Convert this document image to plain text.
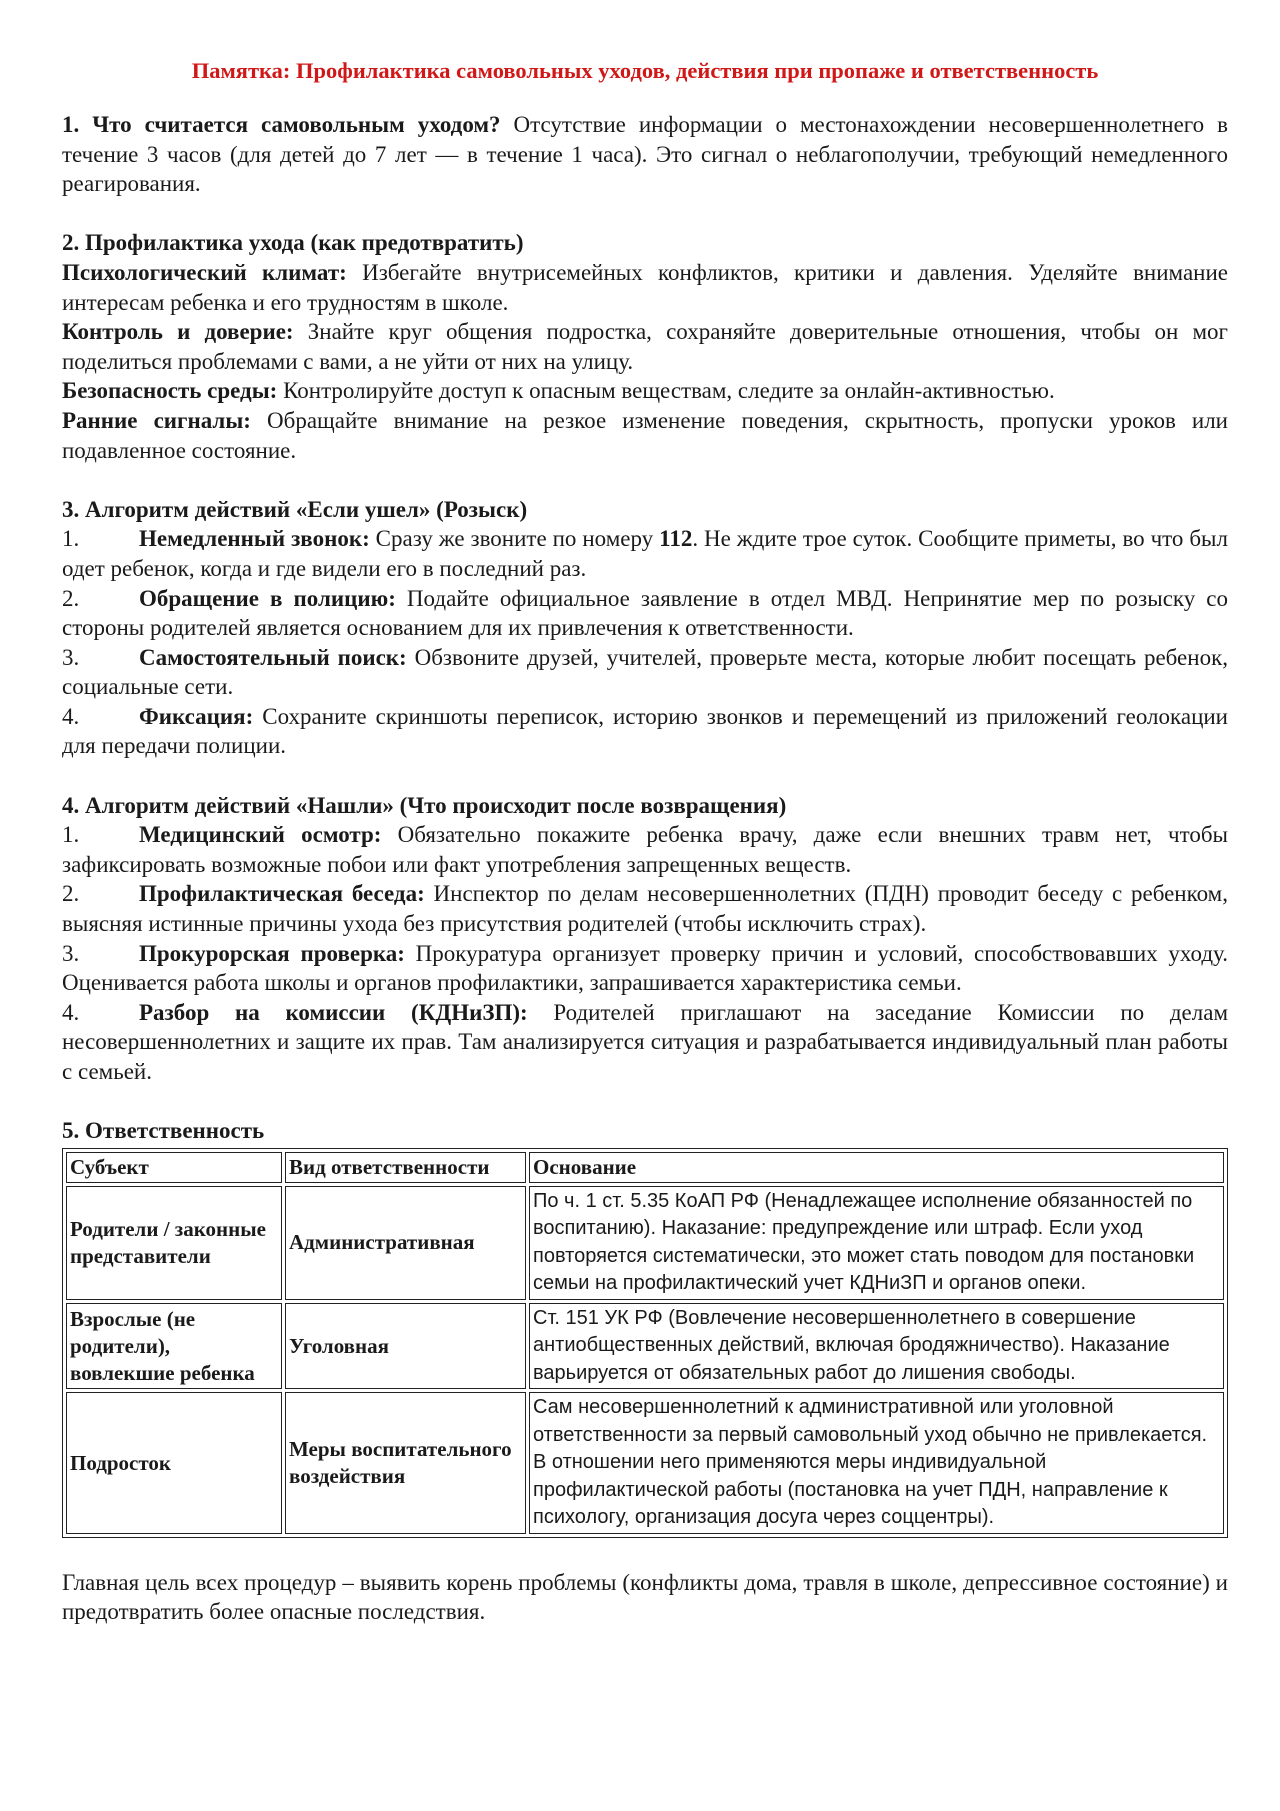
Памятка: Профилактика самовольных уходов, действия при пропаже и ответственность

1. Что считается самовольным уходом? Отсутствие информации о местонахождении несовершеннолетнего в течение 3 часов (для детей до 7 лет — в течение 1 часа). Это сигнал о неблагополучии, требующий немедленного реагирования.

2. Профилактика ухода (как предотвратить)

Психологический климат: Избегайте внутрисемейных конфликтов, критики и давления. Уделяйте внимание интересам ребенка и его трудностям в школе.

Контроль и доверие: Знайте круг общения подростка, сохраняйте доверительные отношения, чтобы он мог поделиться проблемами с вами, а не уйти от них на улицу.

Безопасность среды: Контролируйте доступ к опасным веществам, следите за онлайн-активностью.

Ранние сигналы: Обращайте внимание на резкое изменение поведения, скрытность, пропуски уроков или подавленное состояние.

3. Алгоритм действий «Если ушел» (Розыск)

1.	Немедленный звонок: Сразу же звоните по номеру 112. Не ждите трое суток. Сообщите приметы, во что был одет ребенок, когда и где видели его в последний раз.

2.	Обращение в полицию: Подайте официальное заявление в отдел МВД. Непринятие мер по розыску со стороны родителей является основанием для их привлечения к ответственности.

3.	Самостоятельный поиск: Обзвоните друзей, учителей, проверьте места, которые любит посещать ребенок, социальные сети.

4.	Фиксация: Сохраните скриншоты переписок, историю звонков и перемещений из приложений геолокации для передачи полиции.

4. Алгоритм действий «Нашли» (Что происходит после возвращения)

1.	Медицинский осмотр: Обязательно покажите ребенка врачу, даже если внешних травм нет, чтобы зафиксировать возможные побои или факт употребления запрещенных веществ.

2.	Профилактическая беседа: Инспектор по делам несовершеннолетних (ПДН) проводит беседу с ребенком, выясняя истинные причины ухода без присутствия родителей (чтобы исключить страх).

3.	Прокурорская проверка: Прокуратура организует проверку причин и условий, способствовавших уходу. Оценивается работа школы и органов профилактики, запрашивается характеристика семьи.

4.	Разбор на комиссии (КДНиЗП): Родителей приглашают на заседание Комиссии по делам несовершеннолетних и защите их прав. Там анализируется ситуация и разрабатывается индивидуальный план работы с семьей.

5. Ответственность

Субъект	Вид ответственности	Основание
Родители / законные представители	Административная	По ч. 1 ст. 5.35 КоАП РФ (Ненадлежащее исполнение обязанностей по воспитанию). Наказание: предупреждение или штраф. Если уход повторяется систематически, это может стать поводом для постановки семьи на профилактический учет КДНиЗП и органов опеки.
Взрослые (не родители), вовлекшие ребенка	Уголовная	Ст. 151 УК РФ (Вовлечение несовершеннолетнего в совершение антиобщественных действий, включая бродяжничество). Наказание варьируется от обязательных работ до лишения свободы.
Подросток	Меры воспитательного воздействия	Сам несовершеннолетний к административной или уголовной ответственности за первый самовольный уход обычно не привлекается. В отношении него применяются меры индивидуальной профилактической работы (постановка на учет ПДН, направление к психологу, организация досуга через соццентры).

Главная цель всех процедур – выявить корень проблемы (конфликты дома, травля в школе, депрессивное состояние) и предотвратить более опасные последствия.
